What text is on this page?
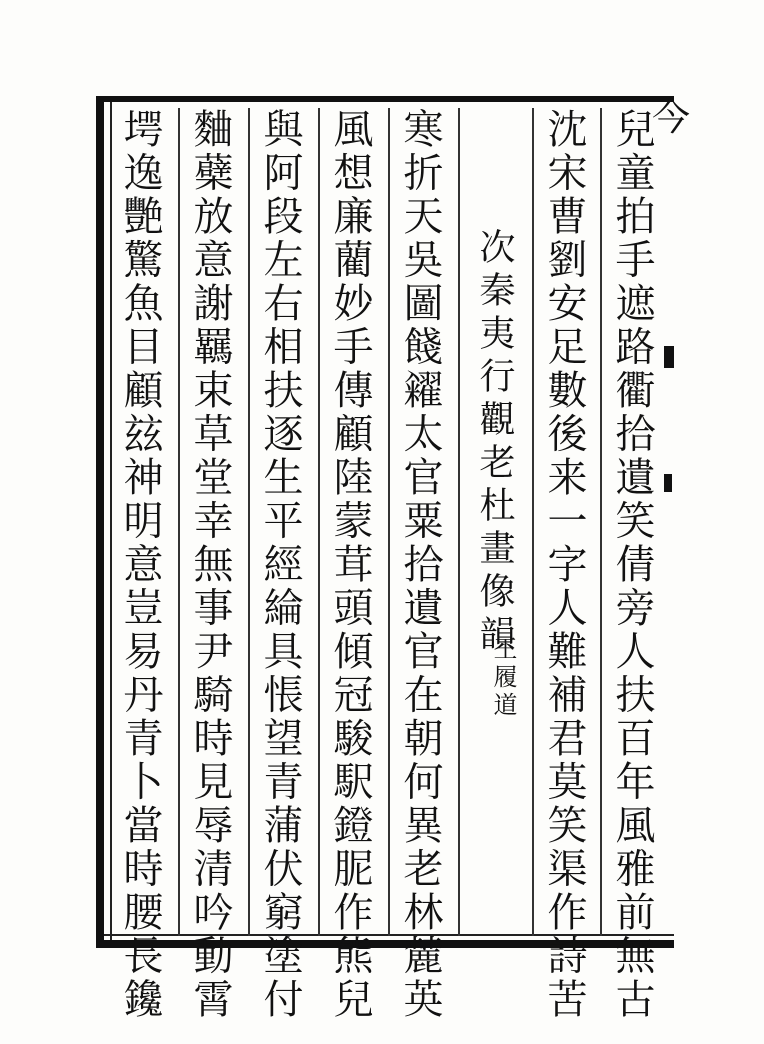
兒童拍手遮路衢拾遺笑倩旁人扶百年風雅前無古
沈宋曹劉安足數後来一字人難補君莫笑渠作詩苦
次秦夷行觀老杜畫像韻
王履道
寒折天吳圖餞糴太官粟拾遺官在朝何異老林麓英
風想廉藺妙手傳顧陸蒙茸頭傾冠駿駅鐙胒作熊兒
與阿段左右相扶逐生平經綸具悵望青蒲伏窮塗付
麯蘗放意謝羈束草堂幸無事尹騎時見辱清吟動霄
堮逸艷驚魚目顧玆神明意豈易丹青卜當時腰長鑱	今
